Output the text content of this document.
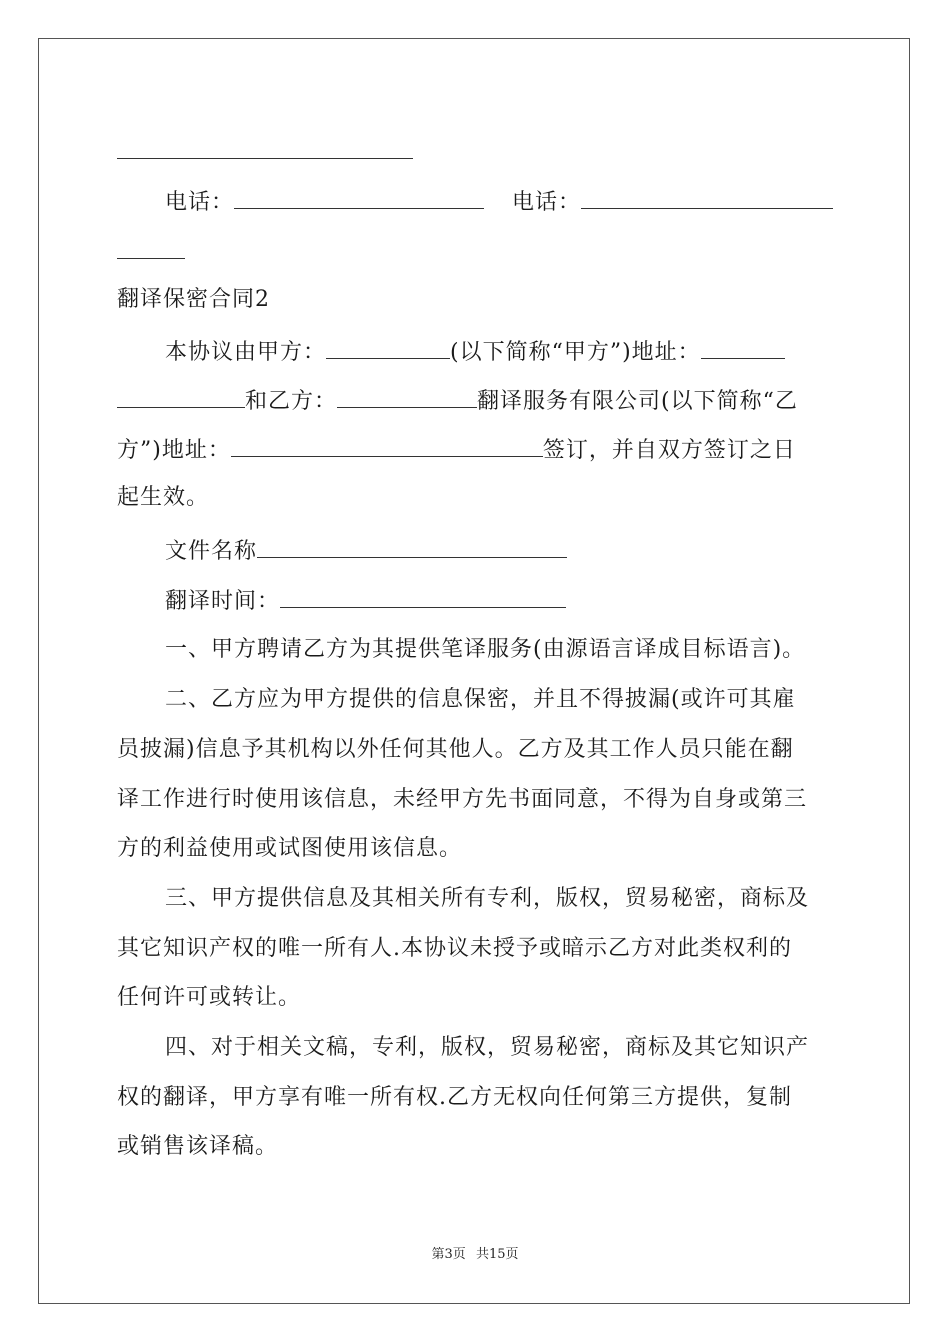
电话：	电话：
翻译保密合同2
本协议由甲方：	(以下简称“甲方”)地址：
和乙方：	翻译服务有限公司(以下简称“乙
方”)地址：	签订，并自双方签订之日
起生效。
文件名称
翻译时间：
一、甲方聘请乙方为其提供笔译服务(由源语言译成目标语言)。
二、乙方应为甲方提供的信息保密，并且不得披漏(或许可其雇
员披漏)信息予其机构以外任何其他人。乙方及其工作人员只能在翻
译工作进行时使用该信息，未经甲方先书面同意，不得为自身或第三
方的利益使用或试图使用该信息。
三、甲方提供信息及其相关所有专利，版权，贸易秘密，商标及
其它知识产权的唯一所有人.本协议未授予或暗示乙方对此类权利的
任何许可或转让。
四、对于相关文稿，专利，版权，贸易秘密，商标及其它知识产
权的翻译，甲方享有唯一所有权.乙方无权向任何第三方提供，复制
或销售该译稿。
第3页 共15页
